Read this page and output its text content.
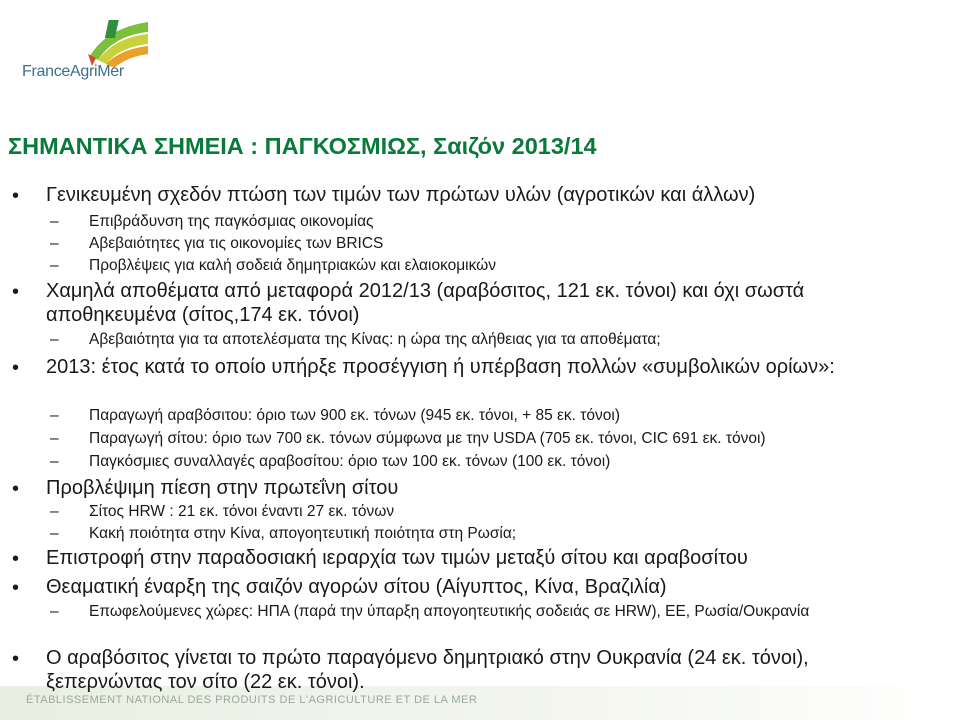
FranceAgriMer
ΣΗΜΑΝΤΙΚΑ ΣΗΜΕΙΑ : ΠΑΓΚΟΣΜΙΩΣ, Σαιζόν 2013/14
ÉTABLISSEMENT NATIONAL DES PRODUITS DE L'AGRICULTURE ET DE LA MER
• Γενικευμένη σχεδόν πτώση των τιμών των πρώτων υλών (αγροτικών και άλλων)
– Επιβράδυνση της παγκόσμιας οικονομίας
– Αβεβαιότητες για τις οικονομίες των BRICS
– Προβλέψεις για καλή σοδειά δημητριακών και ελαιοκομικών
• Χαμηλά αποθέματα από μεταφορά 2012/13 (αραβόσιτος, 121 εκ. τόνοι) και όχι σωστά αποθηκευμένα (σίτος,174 εκ. τόνοι)
– Αβεβαιότητα για τα αποτελέσματα της Κίνας: η ώρα της αλήθειας για τα αποθέματα;
• 2013: έτος κατά το οποίο υπήρξε προσέγγιση ή υπέρβαση πολλών «συμβολικών ορίων»:
– Παραγωγή αραβόσιτου: όριο των 900 εκ. τόνων (945 εκ. τόνοι, + 85 εκ. τόνοι)
– Παραγωγή σίτου: όριο των 700 εκ. τόνων σύμφωνα με την USDA (705 εκ. τόνοι, CIC 691 εκ. τόνοι)
– Παγκόσμιες συναλλαγές αραβοσίτου: όριο των 100 εκ. τόνων (100 εκ. τόνοι)
• Προβλέψιμη πίεση στην πρωτεΐνη σίτου
– Σίτος HRW : 21 εκ. τόνοι έναντι 27 εκ. τόνων
– Κακή ποιότητα στην Κίνα, απογοητευτική ποιότητα στη Ρωσία;
• Επιστροφή στην παραδοσιακή ιεραρχία των τιμών μεταξύ σίτου και αραβοσίτου
• Θεαματική έναρξη της σαιζόν αγορών σίτου (Αίγυπτος, Κίνα, Βραζιλία)
– Επωφελούμενες χώρες: ΗΠΑ (παρά την ύπαρξη απογοητευτικής σοδειάς σε HRW), ΕΕ, Ρωσία/Ουκρανία
• Ο αραβόσιτος γίνεται το πρώτο παραγόμενο δημητριακό στην Ουκρανία (24 εκ. τόνοι), ξεπερνώντας τον σίτο (22 εκ. τόνοι).
